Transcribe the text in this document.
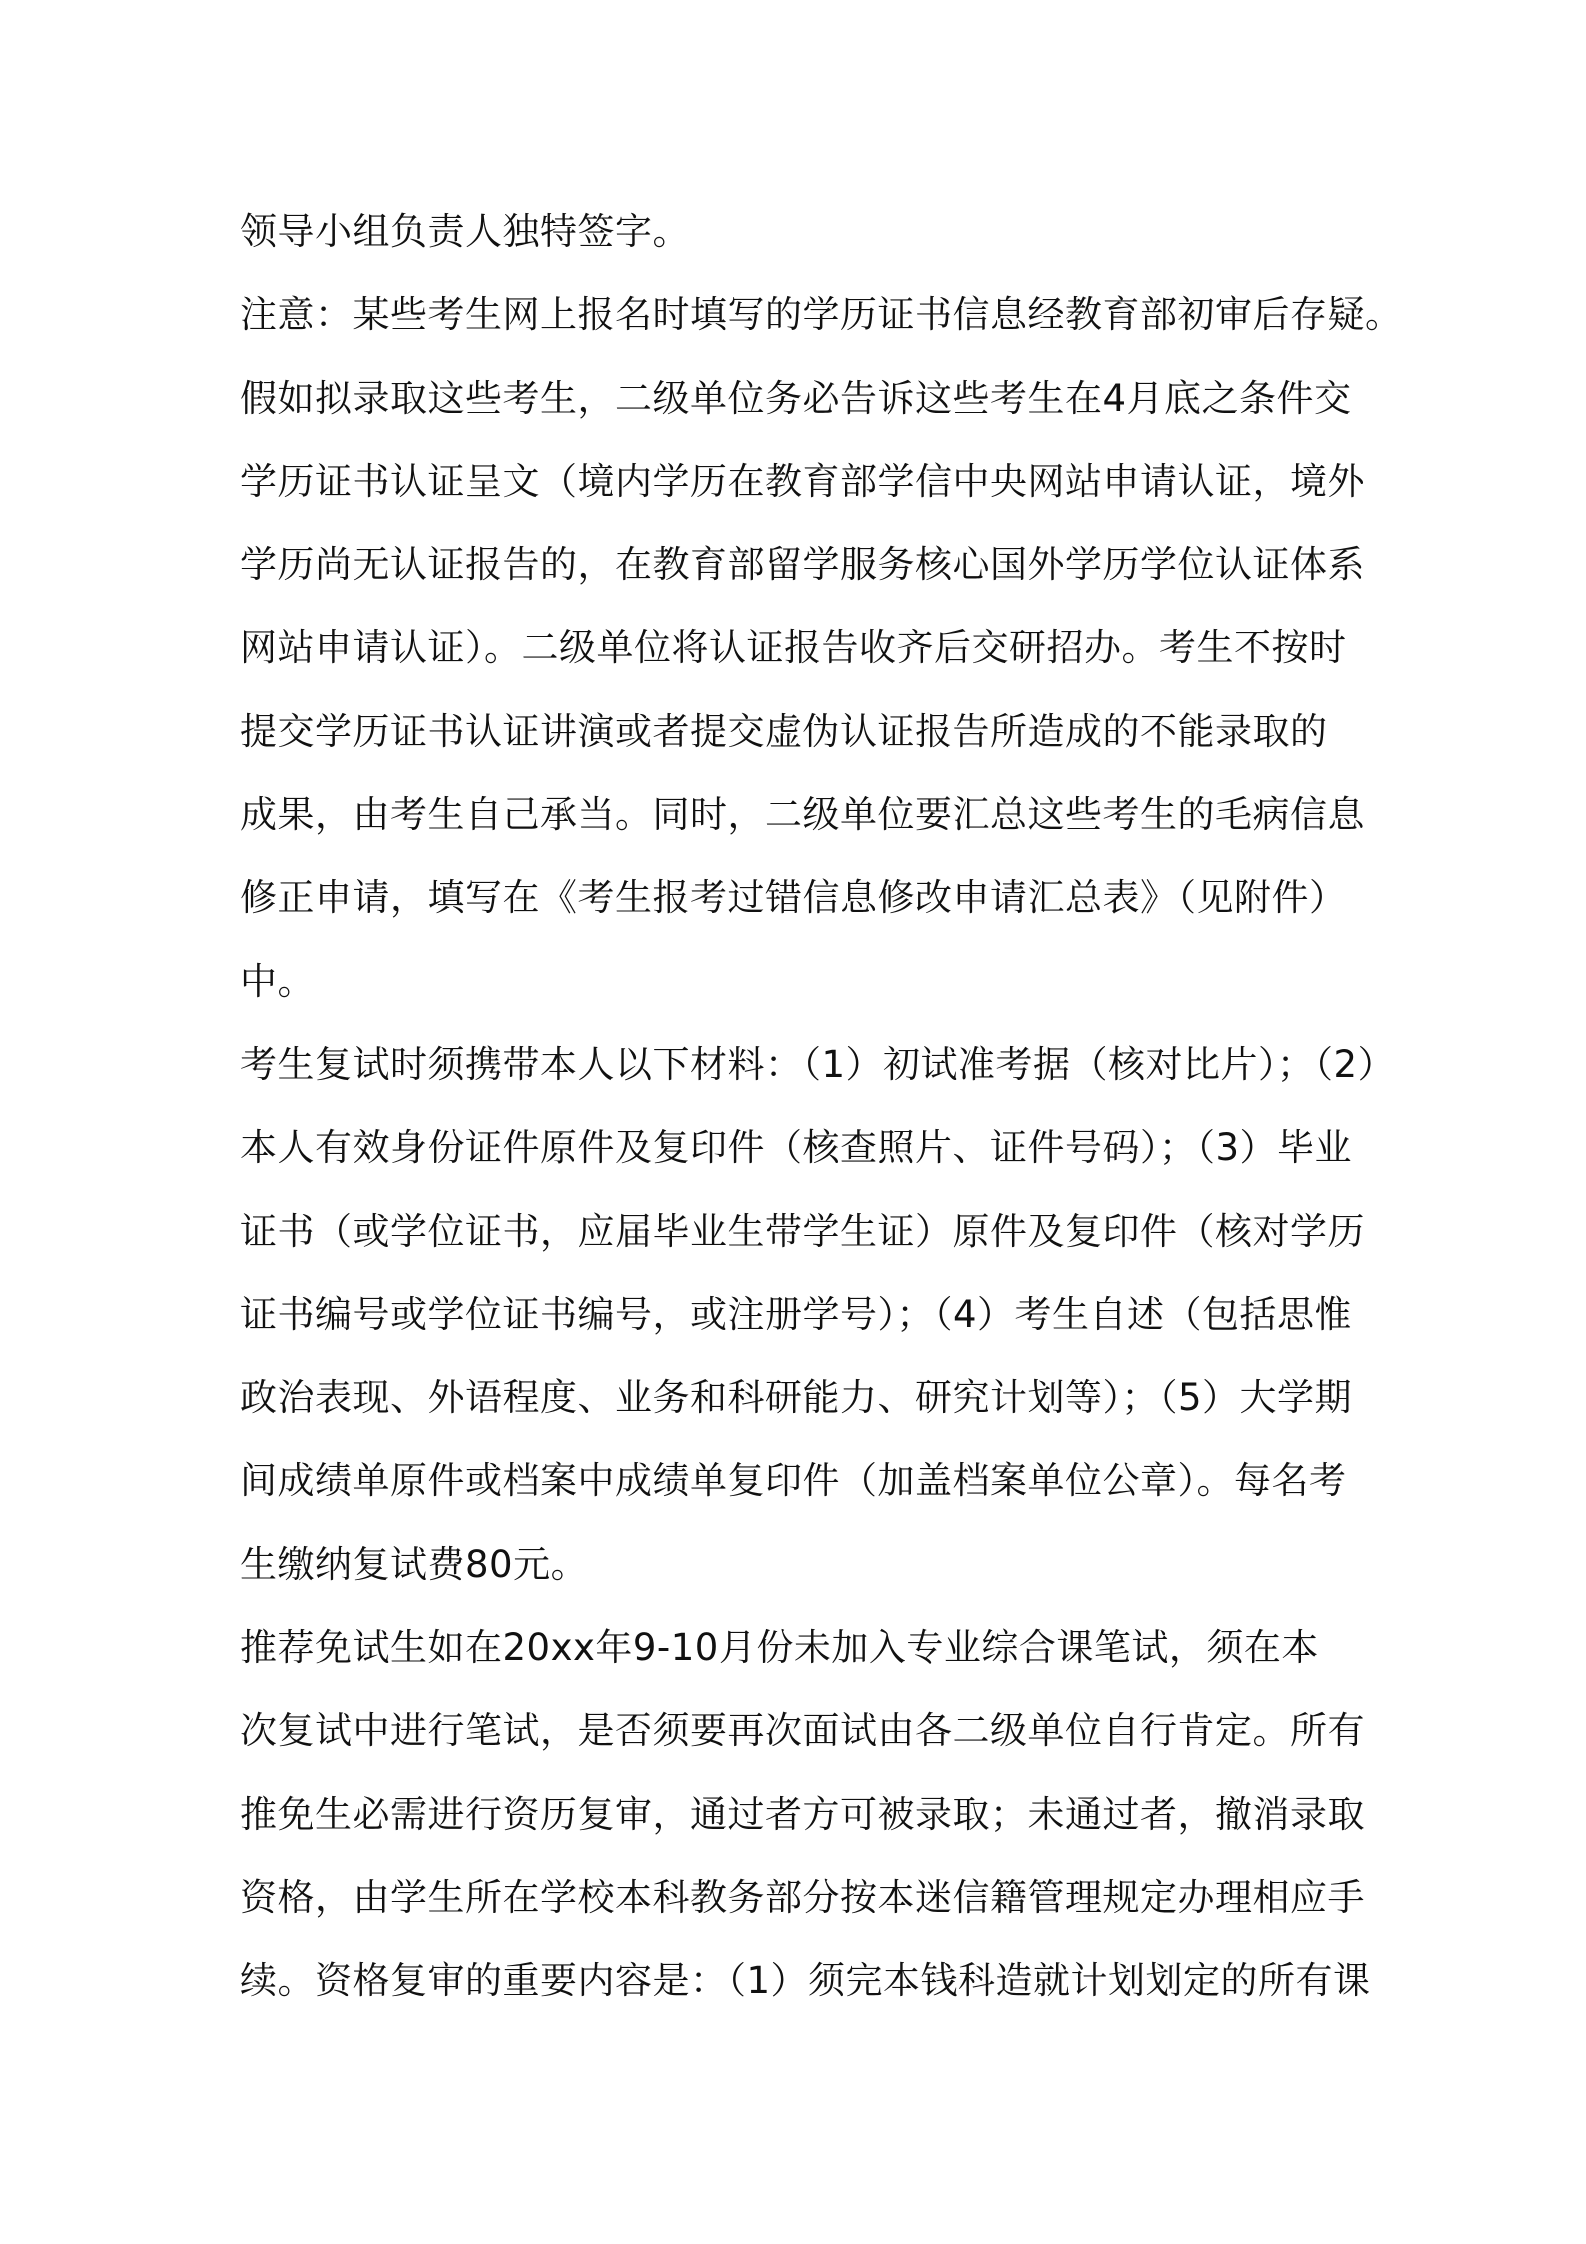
领导小组负责人独特签字。
注意：某些考生网上报名时填写的学历证书信息经教育部初审后存疑。
假如拟录取这些考生，二级单位务必告诉这些考生在4月底之条件交
学历证书认证呈文（境内学历在教育部学信中央网站申请认证，境外
学历尚无认证报告的，在教育部留学服务核心国外学历学位认证体系
网站申请认证）。二级单位将认证报告收齐后交研招办。考生不按时
提交学历证书认证讲演或者提交虚伪认证报告所造成的不能录取的
成果，由考生自己承当。同时，二级单位要汇总这些考生的毛病信息
修正申请，填写在《考生报考过错信息修改申请汇总表》（见附件）
中。
考生复试时须携带本人以下材料：（1）初试准考据（核对比片）；（2）
本人有效身份证件原件及复印件（核查照片、证件号码）；（3）毕业
证书（或学位证书，应届毕业生带学生证）原件及复印件（核对学历
证书编号或学位证书编号，或注册学号）；（4）考生自述（包括思惟
政治表现、外语程度、业务和科研能力、研究计划等）；（5）大学期
间成绩单原件或档案中成绩单复印件（加盖档案单位公章）。每名考
生缴纳复试费80元。
推荐免试生如在20xx年9-10月份未加入专业综合课笔试，须在本
次复试中进行笔试，是否须要再次面试由各二级单位自行肯定。所有
推免生必需进行资历复审，通过者方可被录取；未通过者，撤消录取
资格，由学生所在学校本科教务部分按本迷信籍管理规定办理相应手
续。资格复审的重要内容是：（1）须完本钱科造就计划划定的所有课
